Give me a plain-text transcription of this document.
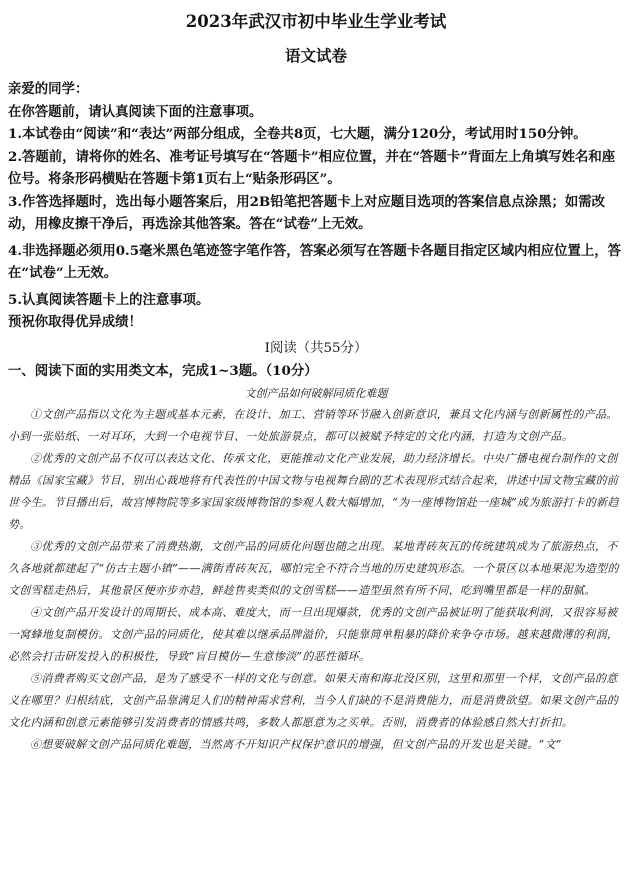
2023年武汉市初中毕业生学业考试
语文试卷

亲爱的同学：

在你答题前，请认真阅读下面的注意事项。

1.本试卷由“阅读”和“表达”两部分组成，全卷共8页，七大题，满分120分，考试用时150分钟。

2.答题前，请将你的姓名、准考证号填写在“答题卡”相应位置，并在“答题卡”背面左上角填写姓名和座位号。将条形码横贴在答题卡第1页右上“贴条形码区”。

3.作答选择题时，选出每小题答案后，用2B铅笔把答题卡上对应题目选项的答案信息点涂黑；如需改动，用橡皮擦干净后，再选涂其他答案。答在“试卷”上无效。

4.非选择题必须用0.5毫米黑色笔迹签字笔作答，答案必须写在答题卡各题目指定区域内相应位置上，答在“试卷”上无效。

5.认真阅读答题卡上的注意事项。

预祝你取得优异成绩！

Ⅰ阅读（共55分）
一、阅读下面的实用类文本，完成1~3题。（10分）
文创产品如何破解同质化难题

①文创产品指以文化为主题或基本元素，在设计、加工、营销等环节融入创新意识，兼具文化内涵与创新属性的产品。小到一张贴纸、一对耳环，大到一个电视节目、一处旅游景点，都可以被赋予特定的文化内涵，打造为文创产品。

②优秀的文创产品不仅可以表达文化、传承文化，更能推动文化产业发展，助力经济增长。中央广播电视台制作的文创精品《国家宝藏》节目，别出心裁地将有代表性的中国文物与电视舞台剧的艺术表现形式结合起来，讲述中国文物宝藏的前世今生。节目播出后，故宫博物院等多家国家级博物馆的参观人数大幅增加，“为一座博物馆赴一座城”成为旅游打卡的新趋势。

③优秀的文创产品带来了消费热潮，文创产品的同质化问题也随之出现。某地青砖灰瓦的传统建筑成为了旅游热点，不久各地就都建起了“仿古主题小镇”——满街青砖灰瓦，哪怕完全不符合当地的历史建筑形态。一个景区以本地果泥为造型的文创雪糕走热后，其他景区便亦步亦趋，鲜趁售卖类似的文创雪糕——造型虽然有所不同，吃到嘴里都是一样的甜腻。

④文创产品开发设计的周期长、成本高、难度大，而一旦出现爆款，优秀的文创产品被证明了能获取利润，又很容易被一窝蜂地复制模仿。文创产品的同质化，使其难以继承品牌溢价，只能靠简单粗暴的降价来争夺市场。越来越微薄的利润，必然会打击研发投入的积极性，导致“盲目模仿—生意惨淡”的恶性循环。

⑤消费者购买文创产品，是为了感受不一样的文化与创意。如果天南和海北没区别，这里和那里一个样，文创产品的意义在哪里？归根结底，文创产品靠满足人们的精神需求营利，当今人们缺的不是消费能力，而是消费欲望。如果文创产品的文化内涵和创意元素能够引发消费者的情感共鸣，多数人都愿意为之买单。否则，消费者的体验感自然大打折扣。

⑥想要破解文创产品同质化难题，当然离不开知识产权保护意识的增强，但文创产品的开发也是关键。“文”
